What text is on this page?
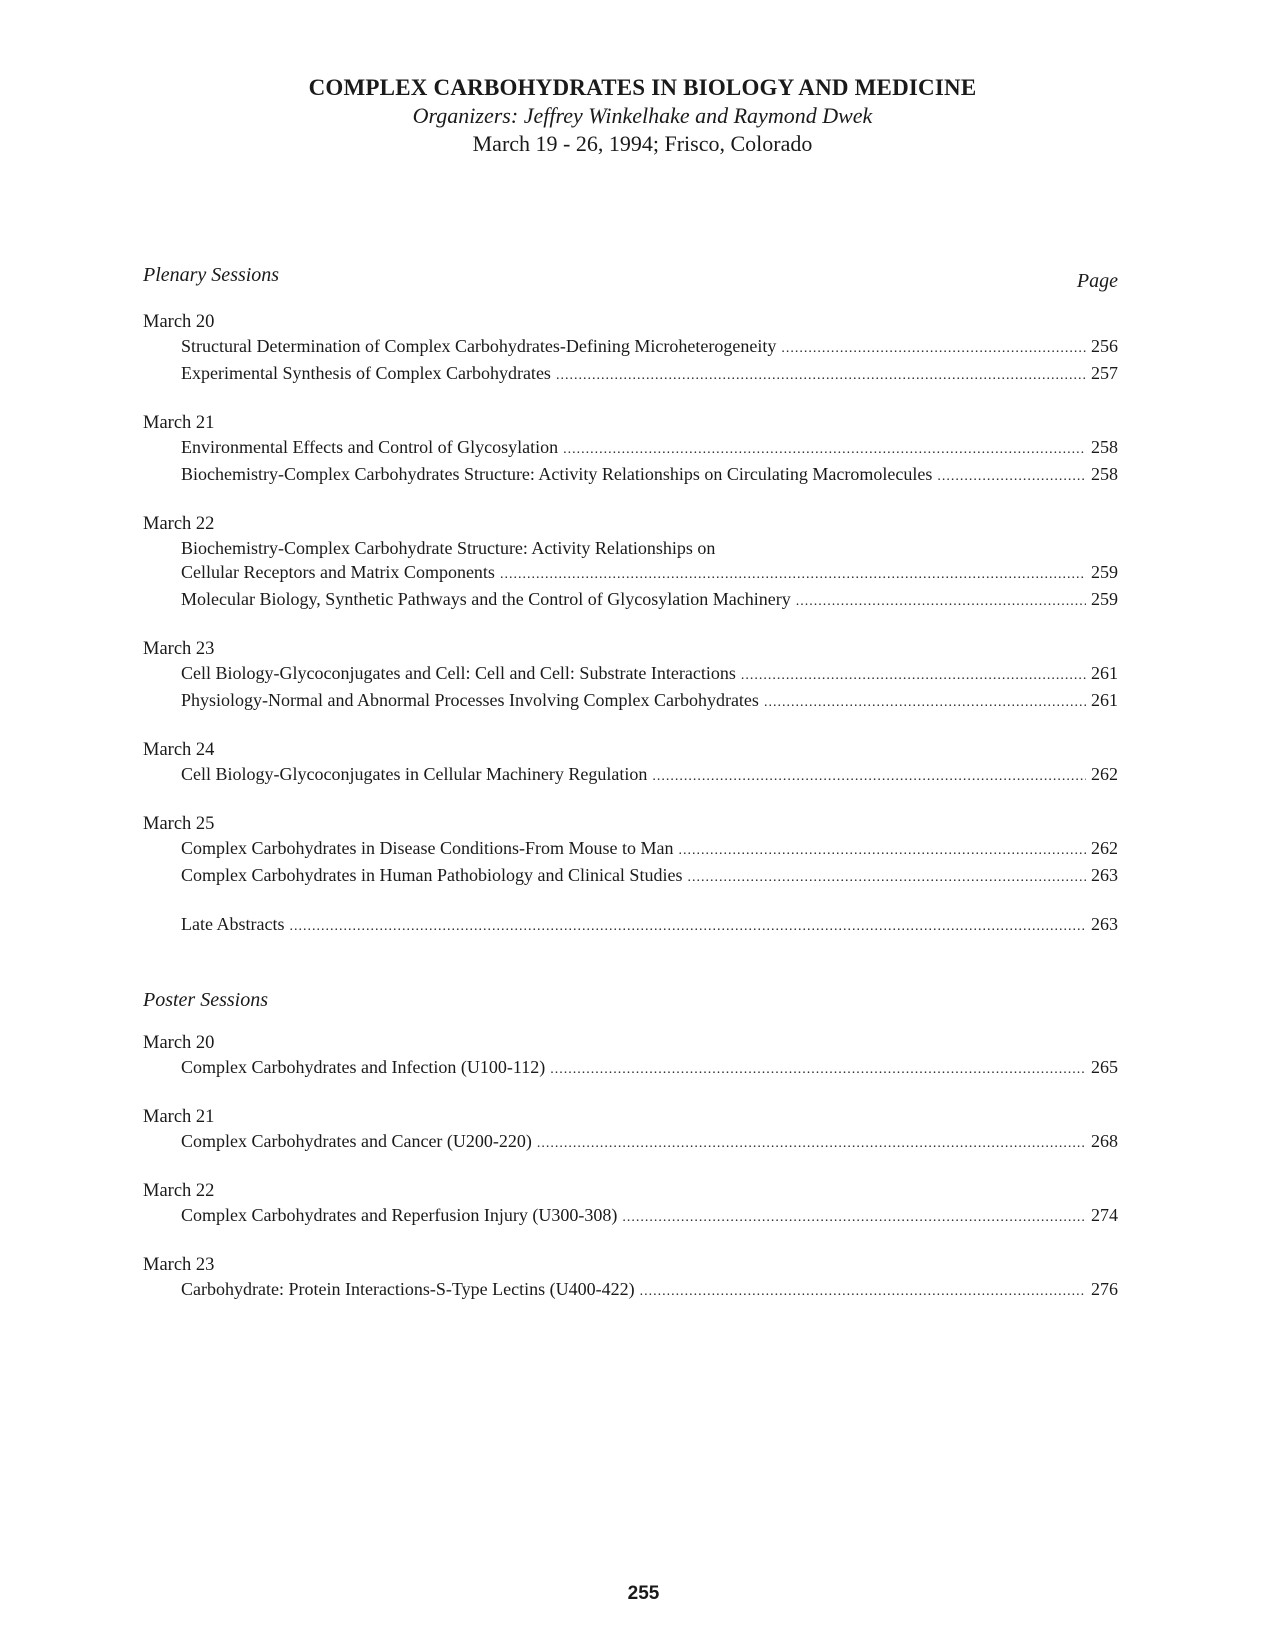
COMPLEX CARBOHYDRATES IN BIOLOGY AND MEDICINE
Organizers: Jeffrey Winkelhake and Raymond Dwek
March 19 - 26, 1994; Frisco, Colorado
Plenary Sessions	Page
March 20
Structural Determination of Complex Carbohydrates-Defining Microheterogeneity .....	256
Experimental Synthesis of Complex Carbohydrates .....	257
March 21
Environmental Effects and Control of Glycosylation .....	258
Biochemistry-Complex Carbohydrates Structure: Activity Relationships on Circulating Macromolecules .....	258
March 22
Biochemistry-Complex Carbohydrate Structure: Activity Relationships on
Cellular Receptors and Matrix Components .....	259
Molecular Biology, Synthetic Pathways and the Control of Glycosylation Machinery .....	259
March 23
Cell Biology-Glycoconjugates and Cell: Cell and Cell: Substrate Interactions .....	261
Physiology-Normal and Abnormal Processes Involving Complex Carbohydrates .....	261
March 24
Cell Biology-Glycoconjugates in Cellular Machinery Regulation .....	262
March 25
Complex Carbohydrates in Disease Conditions-From Mouse to Man .....	262
Complex Carbohydrates in Human Pathobiology and Clinical Studies .....	263
Late Abstracts .....	263
Poster Sessions
March 20
Complex Carbohydrates and Infection (U100-112) .....	265
March 21
Complex Carbohydrates and Cancer (U200-220) .....	268
March 22
Complex Carbohydrates and Reperfusion Injury (U300-308) .....	274
March 23
Carbohydrate: Protein Interactions-S-Type Lectins (U400-422) .....	276
255
